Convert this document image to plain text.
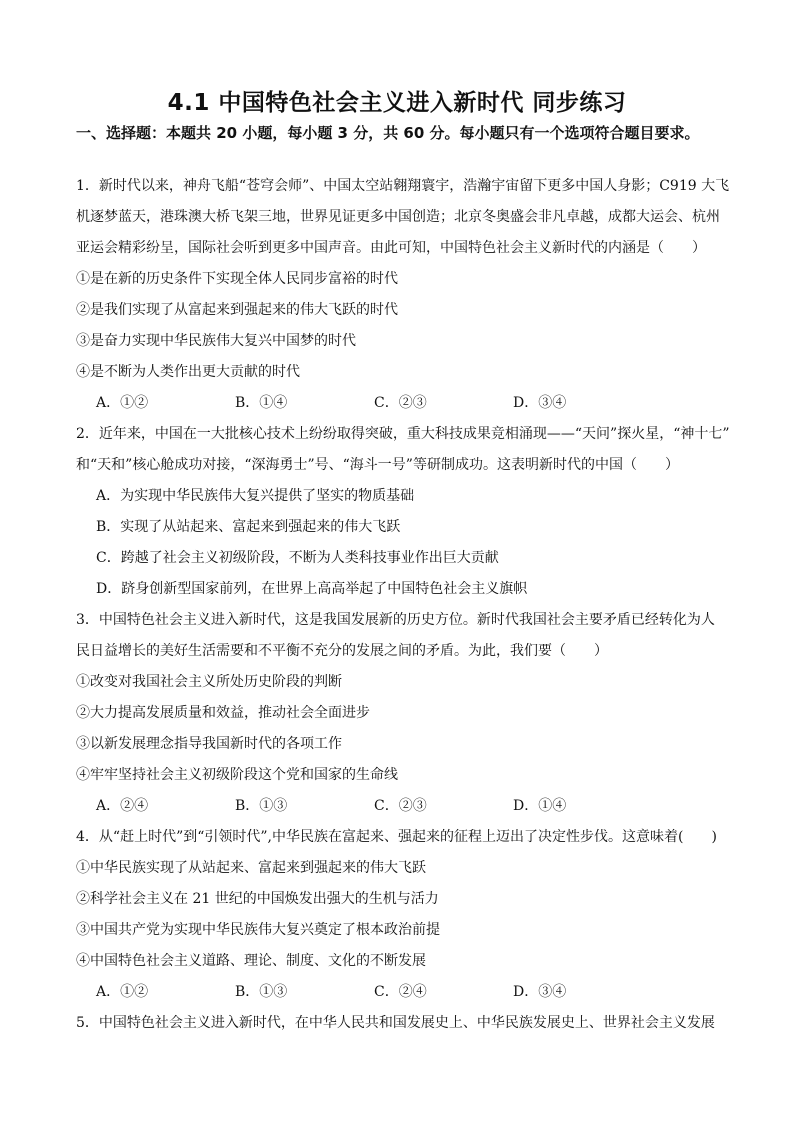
4.1 中国特色社会主义进入新时代 同步练习
一、选择题：本题共 20 小题，每小题 3 分，共 60 分。每小题只有一个选项符合题目要求。
1．新时代以来，神舟飞船“苍穹会师”、中国太空站翱翔寰宇，浩瀚宇宙留下更多中国人身影；C919 大飞
机逐梦蓝天，港珠澳大桥飞架三地，世界见证更多中国创造；北京冬奥盛会非凡卓越，成都大运会、杭州
亚运会精彩纷呈，国际社会听到更多中国声音。由此可知，中国特色社会主义新时代的内涵是（　　）
①是在新的历史条件下实现全体人民同步富裕的时代
②是我们实现了从富起来到强起来的伟大飞跃的时代
③是奋力实现中华民族伟大复兴中国梦的时代
④是不断为人类作出更大贡献的时代
A．①②	B．①④	C．②③	D．③④
2．近年来，中国在一大批核心技术上纷纷取得突破，重大科技成果竞相涌现——“天问”探火星，“神十七”
和“天和”核心舱成功对接，“深海勇士”号、“海斗一号”等研制成功。这表明新时代的中国（　　）
A．为实现中华民族伟大复兴提供了坚实的物质基础
B．实现了从站起来、富起来到强起来的伟大飞跃
C．跨越了社会主义初级阶段，不断为人类科技事业作出巨大贡献
D．跻身创新型国家前列，在世界上高高举起了中国特色社会主义旗帜
3．中国特色社会主义进入新时代，这是我国发展新的历史方位。新时代我国社会主要矛盾已经转化为人
民日益增长的美好生活需要和不平衡不充分的发展之间的矛盾。为此，我们要（　　）
①改变对我国社会主义所处历史阶段的判断
②大力提高发展质量和效益，推动社会全面进步
③以新发展理念指导我国新时代的各项工作
④牢牢坚持社会主义初级阶段这个党和国家的生命线
A．②④	B．①③	C．②③	D．①④
4．从“赶上时代”到“引领时代”,中华民族在富起来、强起来的征程上迈出了决定性步伐。这意味着(　　)
①中华民族实现了从站起来、富起来到强起来的伟大飞跃
②科学社会主义在 21 世纪的中国焕发出强大的生机与活力
③中国共产党为实现中华民族伟大复兴奠定了根本政治前提
④中国特色社会主义道路、理论、制度、文化的不断发展
A．①②	B．①③	C．②④	D．③④
5．中国特色社会主义进入新时代，在中华人民共和国发展史上、中华民族发展史上、世界社会主义发展
